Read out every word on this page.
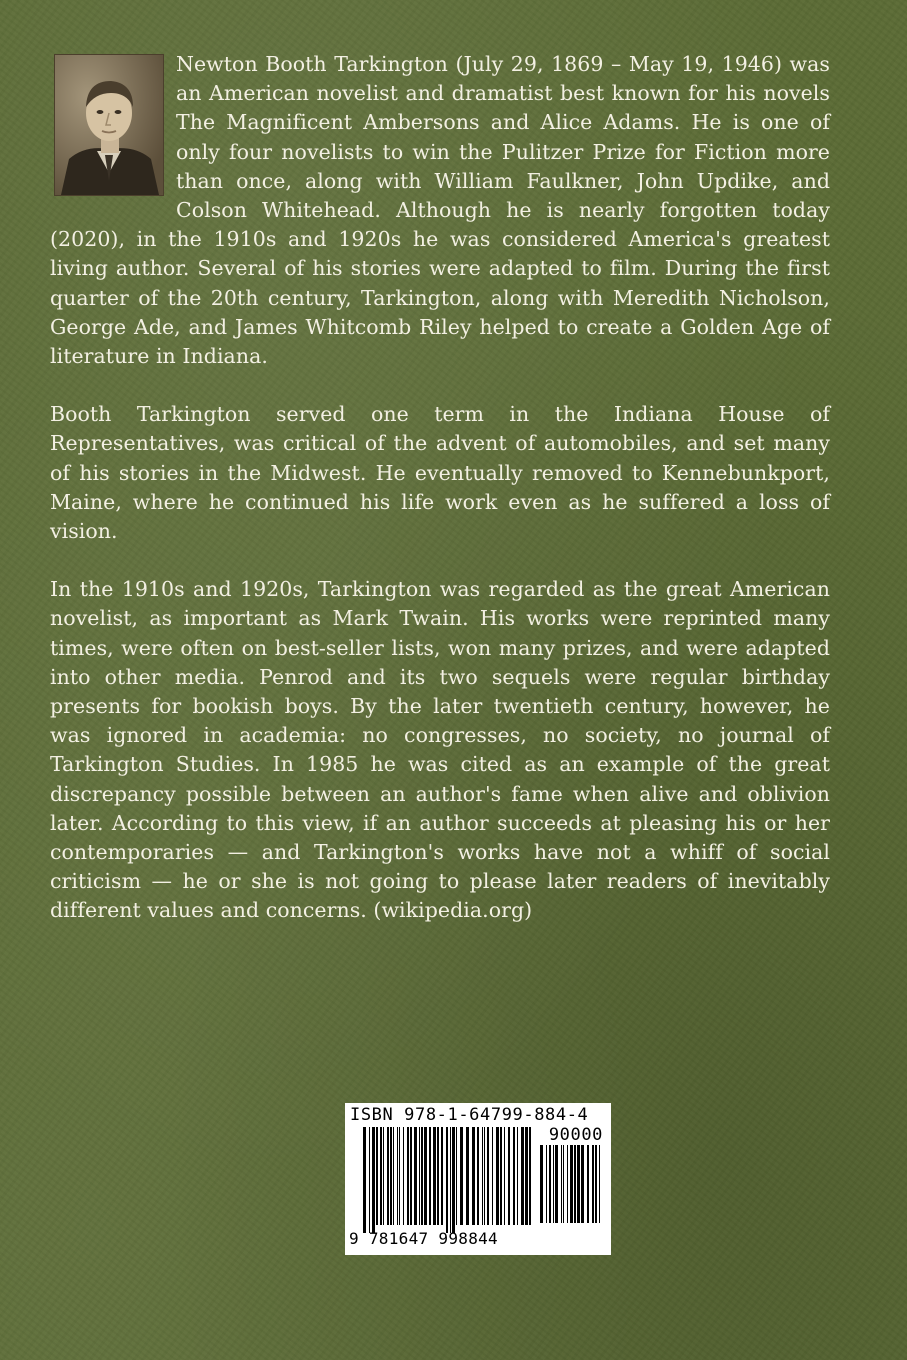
Newton Booth Tarkington (July 29, 1869 – May 19, 1946) was an American novelist and dramatist best known for his novels The Magnificent Ambersons and Alice Adams. He is one of only four novelists to win the Pulitzer Prize for Fiction more than once, along with William Faulkner, John Updike, and Colson Whitehead. Although he is nearly forgotten today (2020), in the 1910s and 1920s he was considered America's greatest living author. Several of his stories were adapted to film. During the first quarter of the 20th century, Tarkington, along with Meredith Nicholson, George Ade, and James Whitcomb Riley helped to create a Golden Age of literature in Indiana.

Booth Tarkington served one term in the Indiana House of Representatives, was critical of the advent of automobiles, and set many of his stories in the Midwest. He eventually removed to Kennebunkport, Maine, where he continued his life work even as he suffered a loss of vision.

In the 1910s and 1920s, Tarkington was regarded as the great American novelist, as important as Mark Twain. His works were reprinted many times, were often on best-seller lists, won many prizes, and were adapted into other media. Penrod and its two sequels were regular birthday presents for bookish boys. By the later twentieth century, however, he was ignored in academia: no congresses, no society, no journal of Tarkington Studies. In 1985 he was cited as an example of the great discrepancy possible between an author's fame when alive and oblivion later. According to this view, if an author succeeds at pleasing his or her contemporaries — and Tarkington's works have not a whiff of social criticism — he or she is not going to please later readers of inevitably different values and concerns. (wikipedia.org)

ISBN 978-1-64799-884-4
90000
9 781647 998844
